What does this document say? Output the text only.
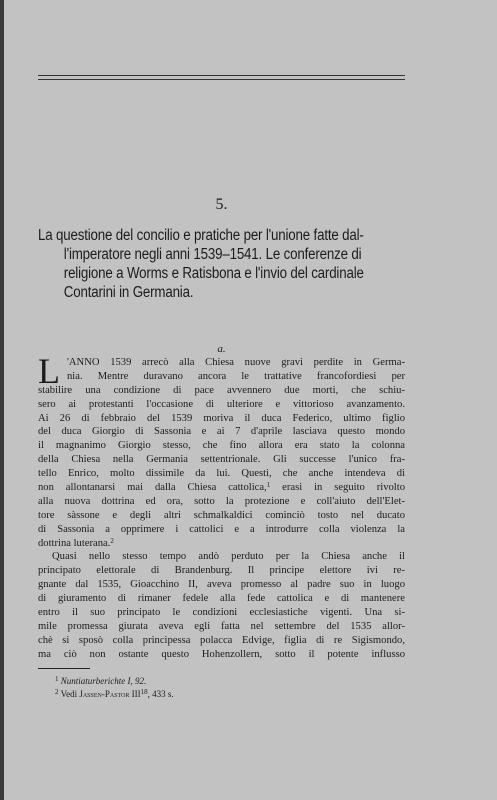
5.
La questione del concilio e pratiche per l'unione fatte dal-
l'imperatore negli anni 1539–1541. Le conferenze di
religione a Worms e Ratisbona e l'invio del cardinale
Contarini in Germania.
a.
L 'ANNO 1539 arrecò alla Chiesa nuove gravi perdite in Germa-
nia. Mentre duravano ancora le trattative francofordiesi per
stabilire una condizione di pace avvennero due morti, che schiu-
sero ai protestanti l'occasione di ulteriore e vittorioso avanzamento.
Ai 26 di febbraio del 1539 moriva il duca Federico, ultimo figlio
del duca Giorgio di Sassonia e ai 7 d'aprile lasciava questo mondo
il magnanimo Giorgio stesso, che fino allora era stato la colonna
della Chiesa nella Germania settentrionale. Gli successe l'unico fra-
tello Enrico, molto dissimile da lui. Questi, che anche intendeva di
non allontanarsi mai dalla Chiesa cattolica,$^1$ erasi in seguito rivolto
alla nuova dottrina ed ora, sotto la protezione e coll'aiuto dell'Elet-
tore sàssone e degli altri schmalkaldici cominciò tosto nel ducato
di Sassonia a opprimere i cattolici e a introdurre colla violenza la
dottrina luterana.$^2$
Quasi nello stesso tempo andò perduto per la Chiesa anche il
principato elettorale di Brandenburg. Il principe elettore ivi re-
gnante dal 1535, Gioacchino II, aveva promesso al padre suo in luogo
di giuramento di rimaner fedele alla fede cattolica e di mantenere
entro il suo principato le condizioni ecclesiastiche vigenti. Una si-
mile promessa giurata aveva egli fatta nel settembre del 1535 allor-
chè si sposò colla principessa polacca Edvige, figlia di re Sigismondo,
ma ciò non ostante questo Hohenzollern, sotto il potente influsso
$^1$ Nuntiaturberichte I, 92.
$^2$ Vedi Jassen-Pastor III$^{18}$, 433 s.
